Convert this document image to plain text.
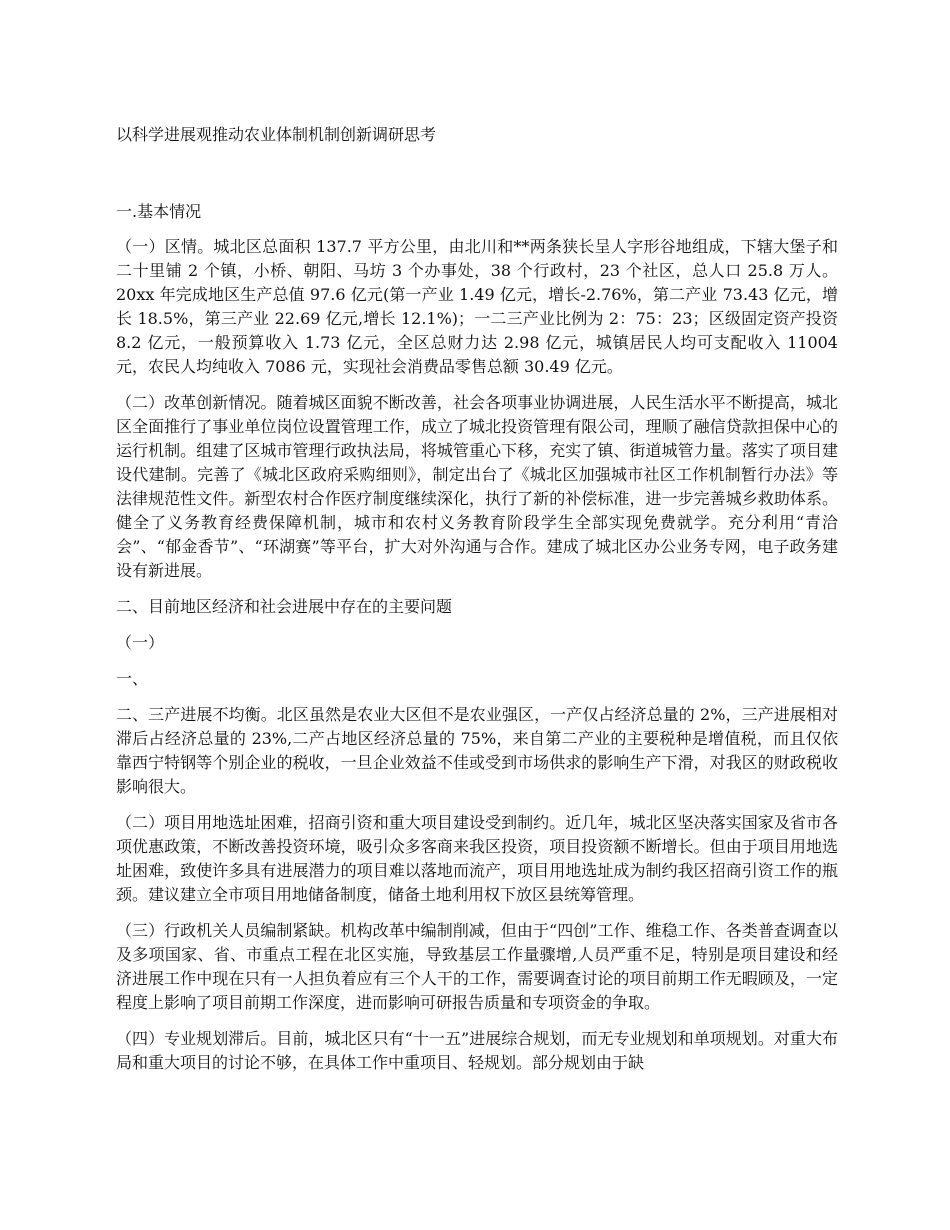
以科学进展观推动农业体制机制创新调研思考

一.基本情况

（一）区情。城北区总面积 137.7 平方公里，由北川和**两条狭长呈人字形谷地组成，下辖大堡子和二十里铺 2 个镇，小桥、朝阳、马坊 3 个办事处，38 个行政村，23 个社区，总人口 25.8 万人。20xx 年完成地区生产总值 97.6 亿元(第一产业 1.49 亿元，增长-2.76%，第二产业 73.43 亿元，增长 18.5%，第三产业 22.69 亿元,增长 12.1%)；一二三产业比例为 2：75：23；区级固定资产投资 8.2 亿元，一般预算收入 1.73 亿元，全区总财力达 2.98 亿元，城镇居民人均可支配收入 11004 元，农民人均纯收入 7086 元，实现社会消费品零售总额 30.49 亿元。

（二）改革创新情况。随着城区面貌不断改善，社会各项事业协调进展，人民生活水平不断提高，城北区全面推行了事业单位岗位设置管理工作，成立了城北投资管理有限公司，理顺了融信贷款担保中心的运行机制。组建了区城市管理行政执法局，将城管重心下移，充实了镇、街道城管力量。落实了项目建设代建制。完善了《城北区政府采购细则》，制定出台了《城北区加强城市社区工作机制暂行办法》等法律规范性文件。新型农村合作医疗制度继续深化，执行了新的补偿标准，进一步完善城乡救助体系。健全了义务教育经费保障机制，城市和农村义务教育阶段学生全部实现免费就学。充分利用“青洽会”、“郁金香节”、“环湖赛”等平台，扩大对外沟通与合作。建成了城北区办公业务专网，电子政务建设有新进展。

二、目前地区经济和社会进展中存在的主要问题

（一）

一、

二、三产进展不均衡。北区虽然是农业大区但不是农业强区，一产仅占经济总量的 2%，三产进展相对滞后占经济总量的 23%,二产占地区经济总量的 75%，来自第二产业的主要税种是增值税，而且仅依靠西宁特钢等个别企业的税收，一旦企业效益不佳或受到市场供求的影响生产下滑，对我区的财政税收影响很大。

（二）项目用地选址困难，招商引资和重大项目建设受到制约。近几年，城北区坚决落实国家及省市各项优惠政策，不断改善投资环境，吸引众多客商来我区投资，项目投资额不断增长。但由于项目用地选址困难，致使许多具有进展潜力的项目难以落地而流产，项目用地选址成为制约我区招商引资工作的瓶颈。建议建立全市项目用地储备制度，储备土地利用权下放区县统筹管理。

（三）行政机关人员编制紧缺。机构改革中编制削减，但由于“四创”工作、维稳工作、各类普查调查以及多项国家、省、市重点工程在北区实施，导致基层工作量骤增,人员严重不足，特别是项目建设和经济进展工作中现在只有一人担负着应有三个人干的工作，需要调查讨论的项目前期工作无暇顾及，一定程度上影响了项目前期工作深度，进而影响可研报告质量和专项资金的争取。

（四）专业规划滞后。目前，城北区只有“十一五”进展综合规划，而无专业规划和单项规划。对重大布局和重大项目的讨论不够，在具体工作中重项目、轻规划。部分规划由于缺
